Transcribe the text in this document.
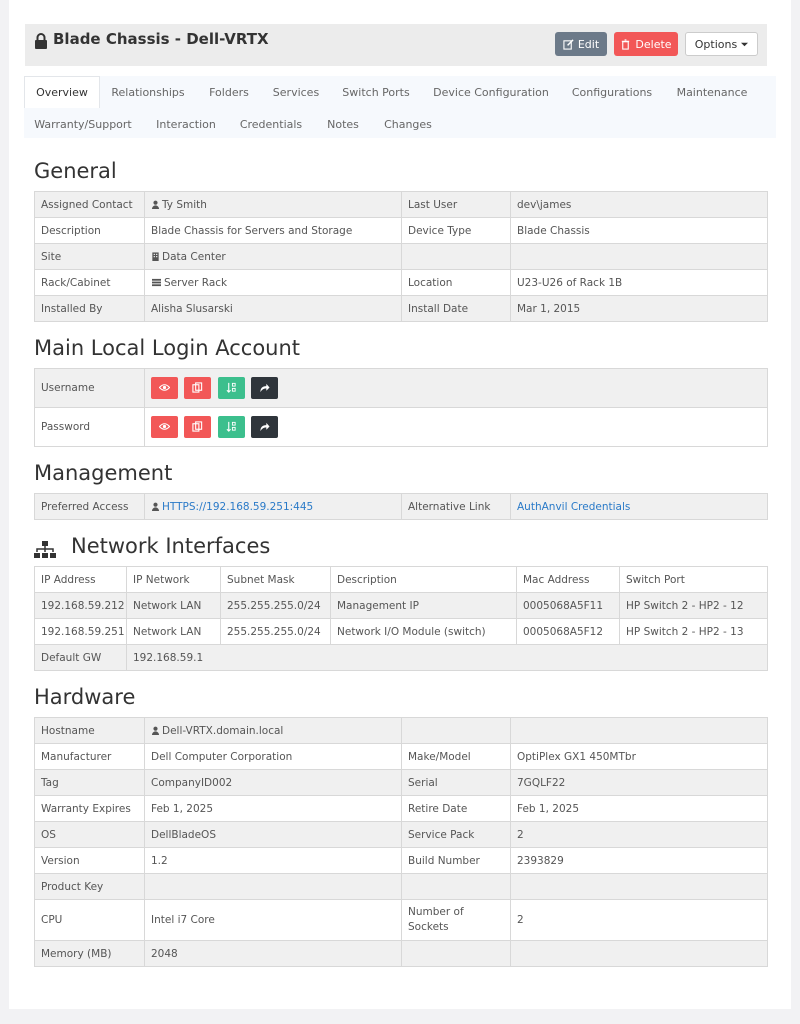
Blade Chassis - Dell-VRTX	Edit	Delete Options
Overview	Relationships	Folders	Services	Switch Ports	Device Configuration	Configurations	Maintenance
Warranty/Support	Interaction	Credentials	Notes	Changes
General
Assigned Contact	Ty Smith	Last User	dev\james
Description	Blade Chassis for Servers and Storage	Device Type	Blade Chassis
Site	Data Center		
Rack/Cabinet	Server Rack	Location	U23-U26 of Rack 1B
Installed By	Alisha Slusarski	Install Date	Mar 1, 2015
Main Local Login Account
Username	

Password	

Management
Preferred Access	HTTPS://192.168.59.251:445	Alternative Link	AuthAnvil Credentials
Network Interfaces
IP Address	IP Network	Subnet Mask	Description	Mac Address	Switch Port
192.168.59.212	Network LAN	255.255.255.0/24	Management IP	0005068A5F11	HP Switch 2 - HP2 - 12
192.168.59.251	Network LAN	255.255.255.0/24	Network I/O Module (switch)	0005068A5F12	HP Switch 2 - HP2 - 13
Default GW	192.168.59.1				
Hardware
Hostname	Dell-VRTX.domain.local		
Manufacturer	Dell Computer Corporation	Make/Model	OptiPlex GX1 450MTbr
Tag	CompanyID002	Serial	7GQLF22
Warranty Expires	Feb 1, 2025	Retire Date	Feb 1, 2025
OS	DellBladeOS	Service Pack	2
Version	1.2	Build Number	2393829
Product Key			
CPU	Intel i7 Core	Number of Sockets	2
Memory (MB)	2048		
